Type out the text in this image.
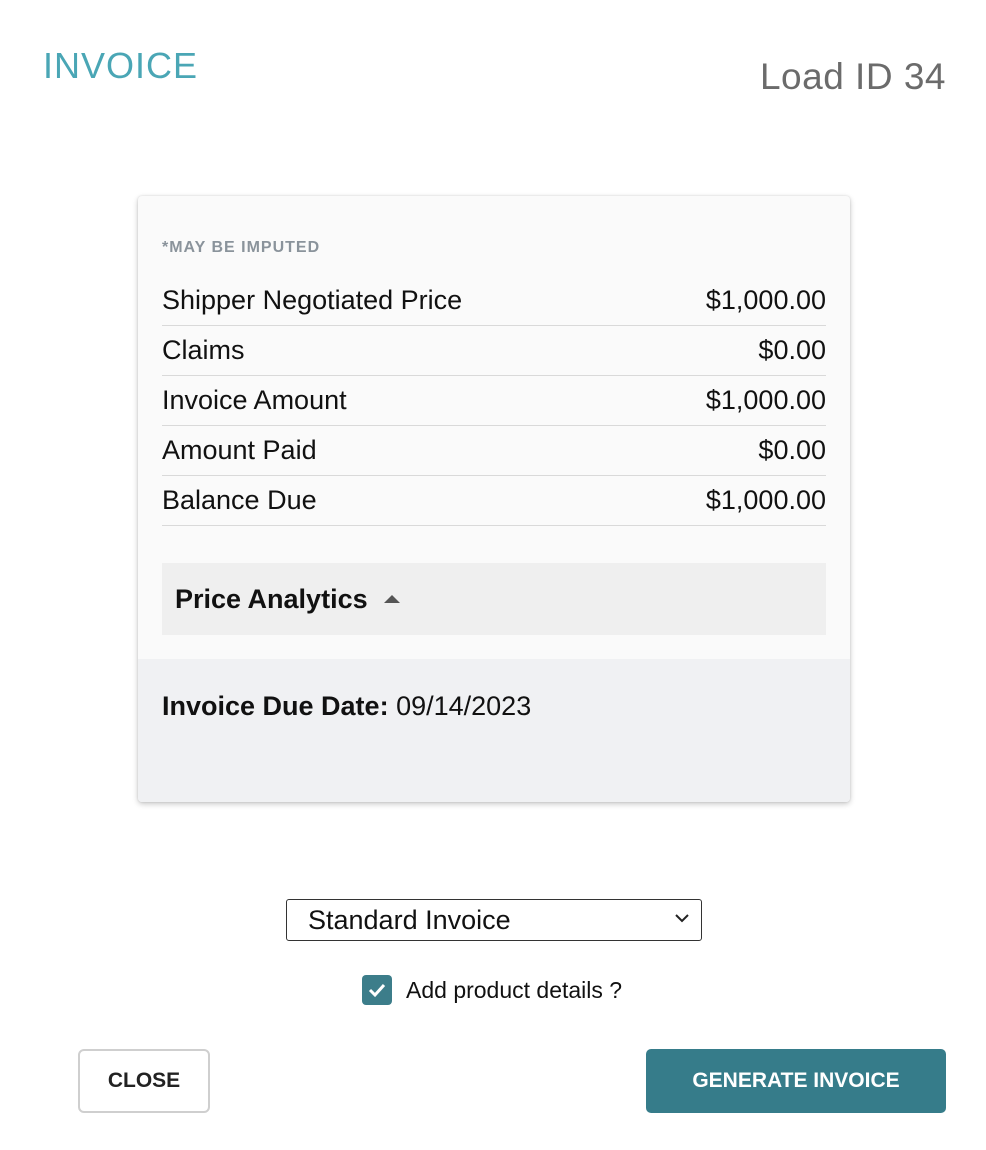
INVOICE	Load ID 34
*MAY BE IMPUTED
Shipper Negotiated Price	$1,000.00
Claims	$0.00
Invoice Amount	$1,000.00
Amount Paid	$0.00
Balance Due	$1,000.00
Price Analytics
Invoice Due Date: 09/14/2023
Standard Invoice
Add product details ?
CLOSE	GENERATE INVOICE
